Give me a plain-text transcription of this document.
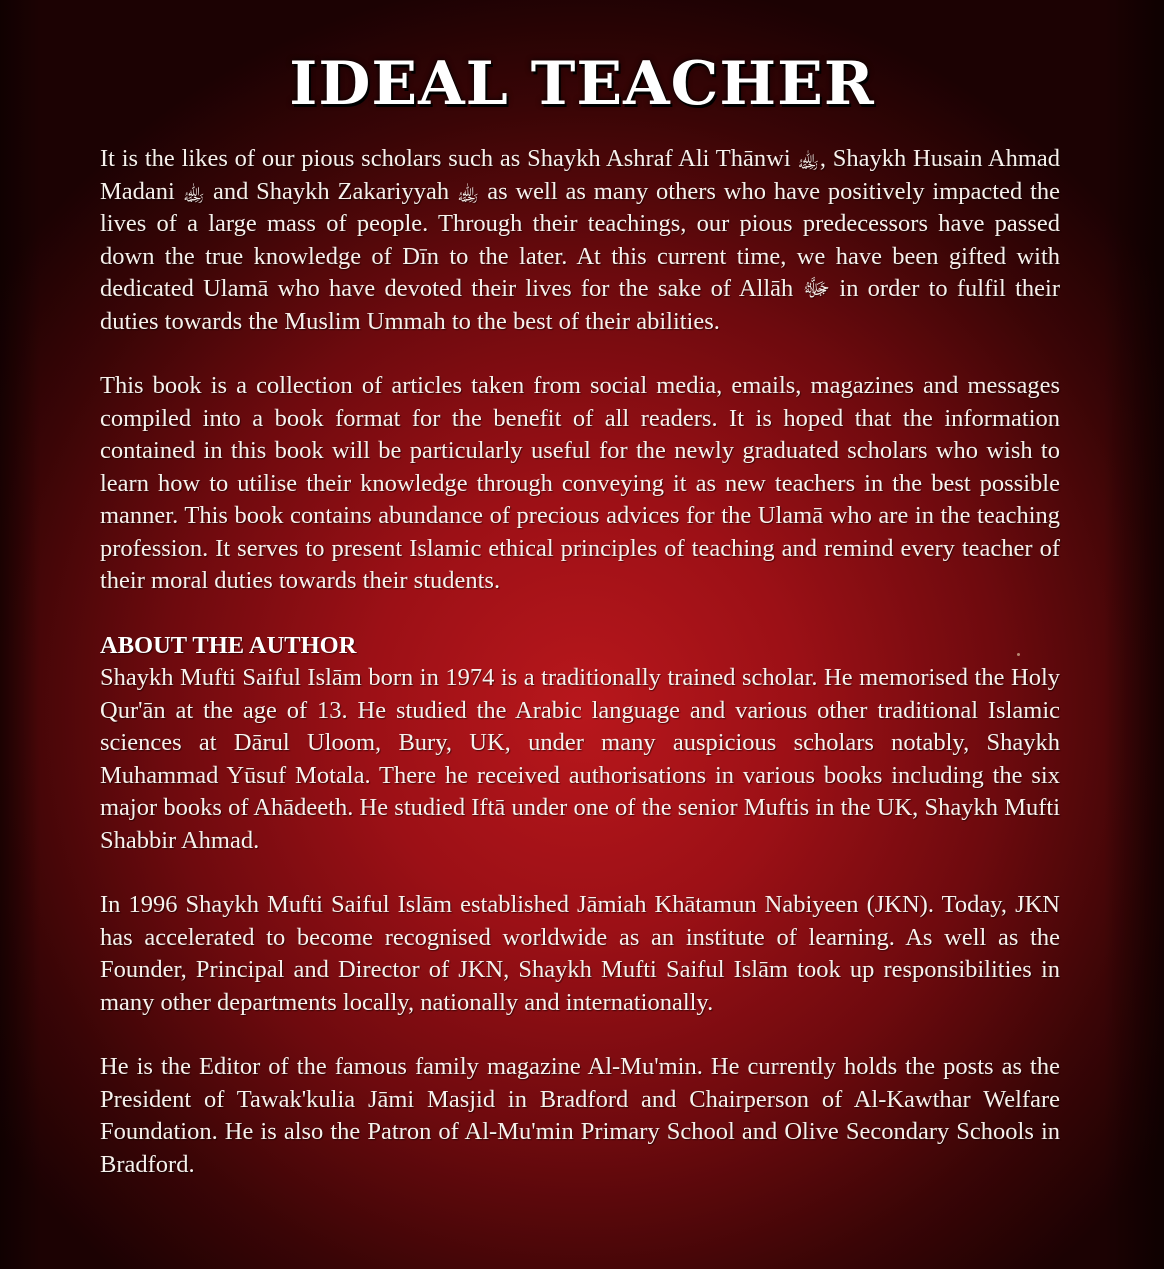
IDEAL TEACHER

It is the likes of our pious scholars such as Shaykh Ashraf Ali Thānwi ﵀, Shaykh Husain Ahmad Madani ﵀ and Shaykh Zakariyyah ﵀ as well as many others who have positively impacted the lives of a large mass of people. Through their teachings, our pious predecessors have passed down the true knowledge of Dīn to the later. At this current time, we have been gifted with dedicated Ulamā who have devoted their lives for the sake of Allāh ﷻ in order to fulfil their duties towards the Muslim Ummah to the best of their abilities.

This book is a collection of articles taken from social media, emails, magazines and messages compiled into a book format for the benefit of all readers. It is hoped that the information contained in this book will be particularly useful for the newly graduated scholars who wish to learn how to utilise their knowledge through conveying it as new teachers in the best possible manner. This book contains abundance of precious advices for the Ulamā who are in the teaching profession. It serves to present Islamic ethical principles of teaching and remind every teacher of their moral duties towards their students.

ABOUT THE AUTHOR

Shaykh Mufti Saiful Islām born in 1974 is a traditionally trained scholar. He memorised the Holy Qur'ān at the age of 13. He studied the Arabic language and various other traditional Islamic sciences at Dārul Uloom, Bury, UK, under many auspicious scholars notably, Shaykh Muhammad Yūsuf Motala. There he received authorisations in various books including the six major books of Ahādeeth. He studied Iftā under one of the senior Muftis in the UK, Shaykh Mufti Shabbir Ahmad.

In 1996 Shaykh Mufti Saiful Islām established Jāmiah Khātamun Nabiyeen (JKN). Today, JKN has accelerated to become recognised worldwide as an institute of learning. As well as the Founder, Principal and Director of JKN, Shaykh Mufti Saiful Islām took up responsibilities in many other departments locally, nationally and internationally.

He is the Editor of the famous family magazine Al-Mu'min. He currently holds the posts as the President of Tawak'kulia Jāmi Masjid in Bradford and Chairperson of Al-Kawthar Welfare Foundation. He is also the Patron of Al-Mu'min Primary School and Olive Secondary Schools in Bradford.
